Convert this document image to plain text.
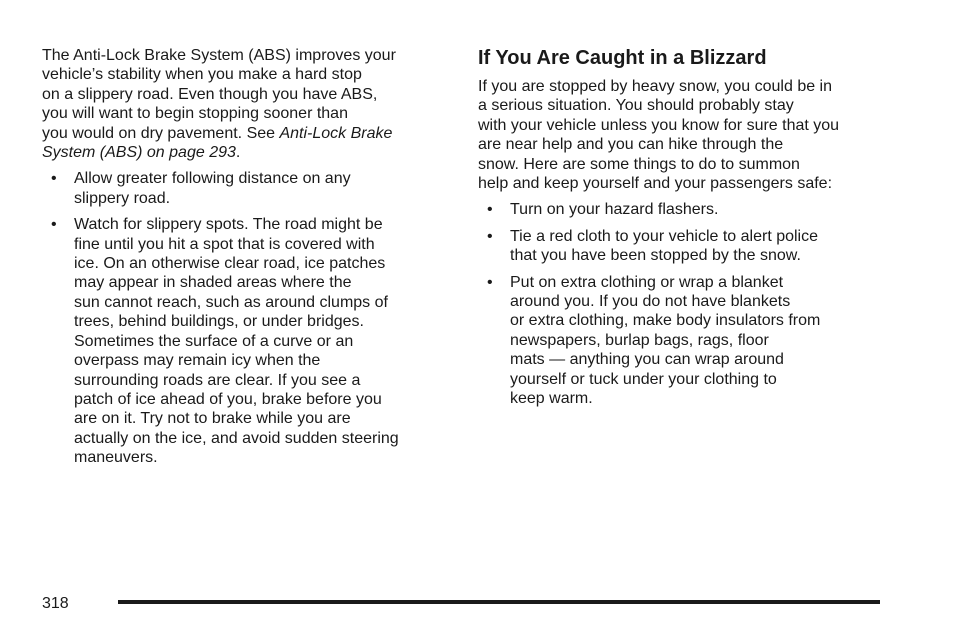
The Anti-Lock Brake System (ABS) improves your
vehicle’s stability when you make a hard stop
on a slippery road. Even though you have ABS,
you will want to begin stopping sooner than
you would on dry pavement. See Anti-Lock Brake
System (ABS) on page 293.
• Allow greater following distance on any
slippery road.
• Watch for slippery spots. The road might be
fine until you hit a spot that is covered with
ice. On an otherwise clear road, ice patches
may appear in shaded areas where the
sun cannot reach, such as around clumps of
trees, behind buildings, or under bridges.
Sometimes the surface of a curve or an
overpass may remain icy when the
surrounding roads are clear. If you see a
patch of ice ahead of you, brake before you
are on it. Try not to brake while you are
actually on the ice, and avoid sudden steering
maneuvers.
If You Are Caught in a Blizzard
If you are stopped by heavy snow, you could be in
a serious situation. You should probably stay
with your vehicle unless you know for sure that you
are near help and you can hike through the
snow. Here are some things to do to summon
help and keep yourself and your passengers safe:
• Turn on your hazard flashers.
• Tie a red cloth to your vehicle to alert police
that you have been stopped by the snow.
• Put on extra clothing or wrap a blanket
around you. If you do not have blankets
or extra clothing, make body insulators from
newspapers, burlap bags, rags, floor
mats — anything you can wrap around
yourself or tuck under your clothing to
keep warm.
318
